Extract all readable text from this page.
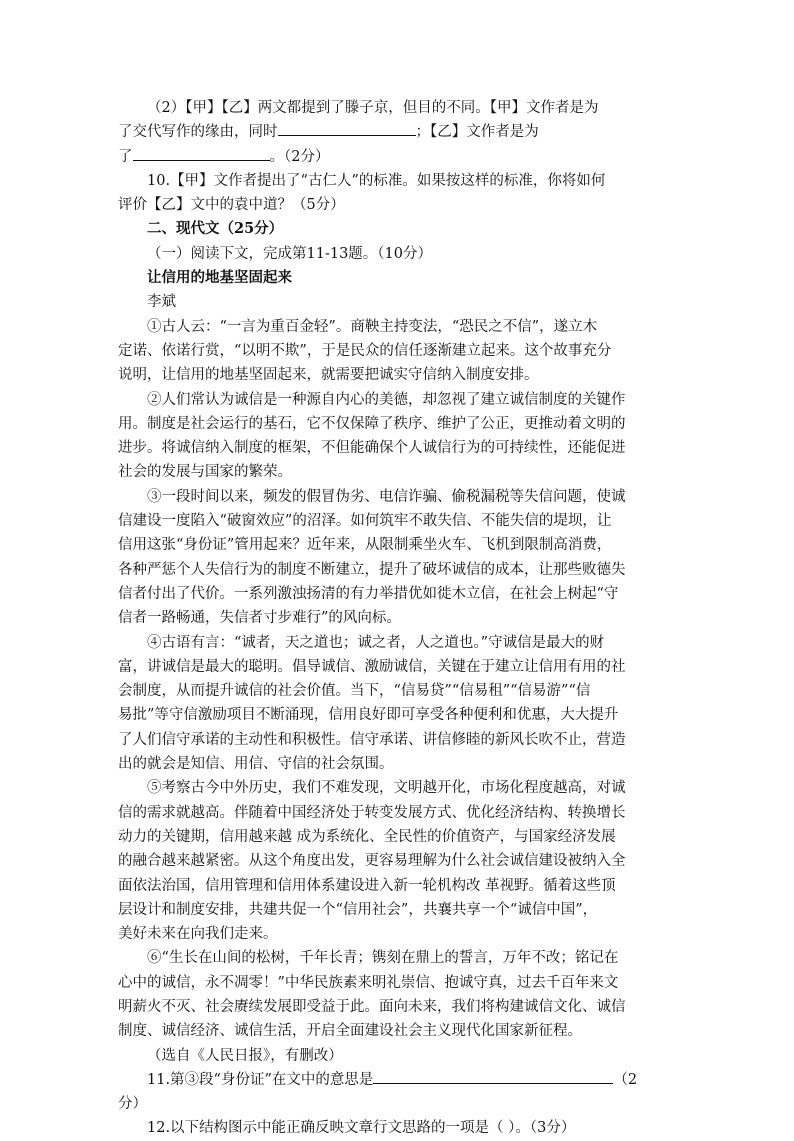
（2）【甲】【乙】两文都提到了滕子京，但目的不同。【甲】文作者是为
了交代写作的缘由，同时	；【乙】文作者是为
了	。（2分）
10.【甲】文作者提出了“古仁人”的标准。如果按这样的标准，你将如何
评价【乙】文中的袁中道？（5分）
二、现代文（25分）
（一）阅读下文，完成第11-13题。（10分）
让信用的地基坚固起来
李斌
①古人云：“一言为重百金轻”。商鞅主持变法，“恐民之不信”，遂立木
定诺、依诺行赏，“以明不欺”，于是民众的信任逐渐建立起来。这个故事充分
说明，让信用的地基坚固起来，就需要把诚实守信纳入制度安排。
②人们常认为诚信是一种源自内心的美德，却忽视了建立诚信制度的关键作
用。制度是社会运行的基石，它不仅保障了秩序、维护了公正，更推动着文明的
进步。将诚信纳入制度的框架，不但能确保个人诚信行为的可持续性，还能促进
社会的发展与国家的繁荣。
③一段时间以来，频发的假冒伪劣、电信诈骗、偷税漏税等失信问题，使诚
信建设一度陷入“破窗效应”的沼泽。如何筑牢不敢失信、不能失信的堤坝，让
信用这张“身份证”管用起来？近年来，从限制乘坐火车、飞机到限制高消费，
各种严惩个人失信行为的制度不断建立，提升了破坏诚信的成本，让那些败德失
信者付出了代价。一系列激浊扬清的有力举措优如徙木立信，在社会上树起“守
信者一路畅通，失信者寸步难行”的风向标。
④古语有言：“诚者，天之道也；诚之者，人之道也。”守诚信是最大的财
富，讲诚信是最大的聪明。倡导诚信、激励诚信，关键在于建立让信用有用的社
会制度，从而提升诚信的社会价值。当下，“信易贷”“信易租”“信易游”“信
易批”等守信激励项目不断涌现，信用良好即可享受各种便利和优惠，大大提升
了人们信守承诺的主动性和积极性。信守承诺、讲信修睦的新风长吹不止，营造
出的就会是知信、用信、守信的社会氛围。
⑤考察古今中外历史，我们不难发现，文明越开化，市场化程度越高，对诚
信的需求就越高。伴随着中国经济处于转变发展方式、优化经济结构、转换增长
动力的关键期，信用越来越 成为系统化、全民性的价值资产，与国家经济发展
的融合越来越紧密。从这个角度出发，更容易理解为什么社会诚信建设被纳入全
面依法治国，信用管理和信用体系建设进入新一轮机构改 革视野。循着这些顶
层设计和制度安排，共建共促一个“信用社会”，共襄共享一个“诚信中国”，
美好未来在向我们走来。
⑥“生长在山间的松树，千年长青；镌刻在鼎上的誓言，万年不改；铭记在
心中的诚信，永不凋零！”中华民族素来明礼崇信、抱诚守真，过去千百年来文
明薪火不灭、社会赓续发展即受益于此。面向未来，我们将构建诚信文化、诚信
制度、诚信经济、诚信生活，开启全面建设社会主义现代化国家新征程。
（选自《人民日报》，有删改）
11.第③段“身份证”在文中的意思是	（2
分）
12.以下结构图示中能正确反映文章行文思路的一项是（ ）。（3分）
